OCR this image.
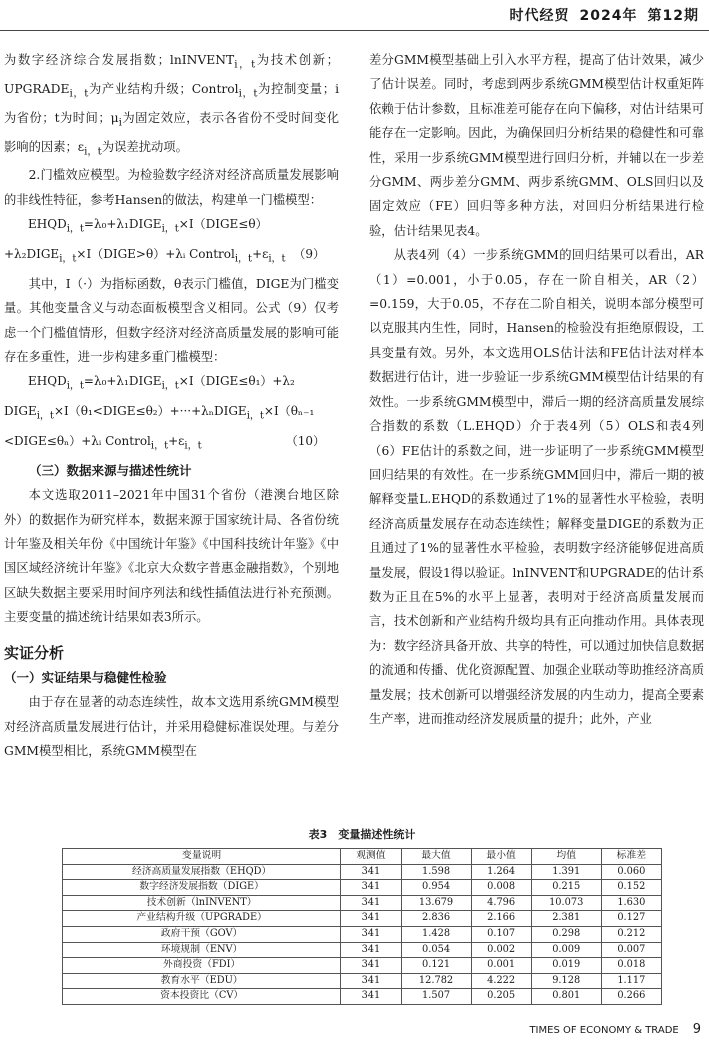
时代经贸 2024年 第12期

为数字经济综合发展指数；lnINVENT$_{i,t}$为技术创新；$UPGRADE_{i,t}$为产业结构升级；Control$_{i,t}$为控制变量；i为省份；t为时间；$\mu_i$为固定效应，表示各省份不受时间变化影响的因素；$\varepsilon_{i,t}$为误差扰动项。

2.门槛效应模型。为检验数字经济对经济高质量发展影响的非线性特征，参考Hansen的做法，构建单一门槛模型：

$EHQD_{i,t}=\lambda_0+\lambda_1DIGE_{i,t}\times I(DIGE\le\theta)$

$+\lambda_2DIGE_{i,t}\times I(DIGE>\theta)+\lambda ᵢ$ $Control_{i,t}+\varepsilon_{i,t}$ （9）

其中，I（·）为指标函数，θ表示门槛值，DIGE为门槛变量。其他变量含义与动态面板模型含义相同。公式（9）仅考虑一个门槛值情形，但数字经济对经济高质量发展的影响可能存在多重性，进一步构建多重门槛模型：

$EHQD_{i,t}=\lambda_0+\lambda_1DIGE_{i,t}\times I(DIGE\le\theta_1)+\lambda_2$

$DIGE_{i,t}\times I(\theta_1<DIGE\le\theta_2)+\cdot\cdot\cdot+\lambda_nDIGE_{i,t}\times I(\theta_{n-1}$

<DIGE≤θₙ）+λᵢ $Control_{i,t}+\varepsilon_{i,t}$	（10）

（三）数据来源与描述性统计

本文选取2011–2021年中国31个省份（港澳台地区除外）的数据作为研究样本，数据来源于国家统计局、各省份统计年鉴及相关年份《中国统计年鉴》《中国科技统计年鉴》《中国区域经济统计年鉴》《北京大众数字普惠金融指数》，个别地区缺失数据主要采用时间序列法和线性插值法进行补充预测。主要变量的描述统计结果如表3所示。

实证分析

（一）实证结果与稳健性检验

由于存在显著的动态连续性，故本文选用系统GMM模型对经济高质量发展进行估计，并采用稳健标准误处理。与差分GMM模型相比，系统GMM模型在

差分GMM模型基础上引入水平方程，提高了估计效果，减少了估计误差。同时，考虑到两步系统GMM模型估计权重矩阵依赖于估计参数，且标准差可能存在向下偏移，对估计结果可能存在一定影响。因此，为确保回归分析结果的稳健性和可靠性，采用一步系统GMM模型进行回归分析，并辅以在一步差分GMM、两步差分GMM、两步系统GMM、OLS回归以及固定效应（FE）回归等多种方法，对回归分析结果进行检验，估计结果见表4。

从表4列（4）一步系统GMM的回归结果可以看出，AR（1）=0.001，小于0.05，存在一阶自相关，AR（2）=0.159，大于0.05，不存在二阶自相关，说明本部分模型可以克服其内生性，同时，Hansen的检验没有拒绝原假设，工具变量有效。另外，本文选用OLS估计法和FE估计法对样本数据进行估计，进一步验证一步系统GMM模型估计结果的有效性。一步系统GMM模型中，滞后一期的经济高质量发展综合指数的系数（L.EHQD）介于表4列（5）OLS和表4列（6）FE估计的系数之间，进一步证明了一步系统GMM模型回归结果的有效性。在一步系统GMM回归中，滞后一期的被解释变量L.EHQD的系数通过了1%的显著性水平检验，表明经济高质量发展存在动态连续性；解释变量DIGE的系数为正且通过了1%的显著性水平检验，表明数字经济能够促进高质量发展，假设1得以验证。lnINVENT和UPGRADE的估计系数为正且在5%的水平上显著，表明对于经济高质量发展而言，技术创新和产业结构升级均具有正向推动作用。具体表现为：数字经济具备开放、共享的特性，可以通过加快信息数据的流通和传播、优化资源配置、加强企业联动等助推经济高质量发展；技术创新可以增强经济发展的内生动力，提高全要素生产率，进而推动经济发展质量的提升；此外，产业

表3　变量描述性统计
变量说明	观测值	最大值	最小值	均值	标准差
经济高质量发展指数（EHQD）	341	1.598	1.264	1.391	0.060
数字经济发展指数（DIGE）	341	0.954	0.008	0.215	0.152
技术创新（lnINVENT）	341	13.679	4.796	10.073	1.630
产业结构升级（UPGRADE）	341	2.836	2.166	2.381	0.127
政府干预（GOV）	341	1.428	0.107	0.298	0.212
环境规制（ENV）	341	0.054	0.002	0.009	0.007
外商投资（FDI）	341	0.121	0.001	0.019	0.018
教育水平（EDU）	341	12.782	4.222	9.128	1.117
资本投资比（CV）	341	1.507	0.205	0.801	0.266
TIMES OF ECONOMY & TRADE 9
